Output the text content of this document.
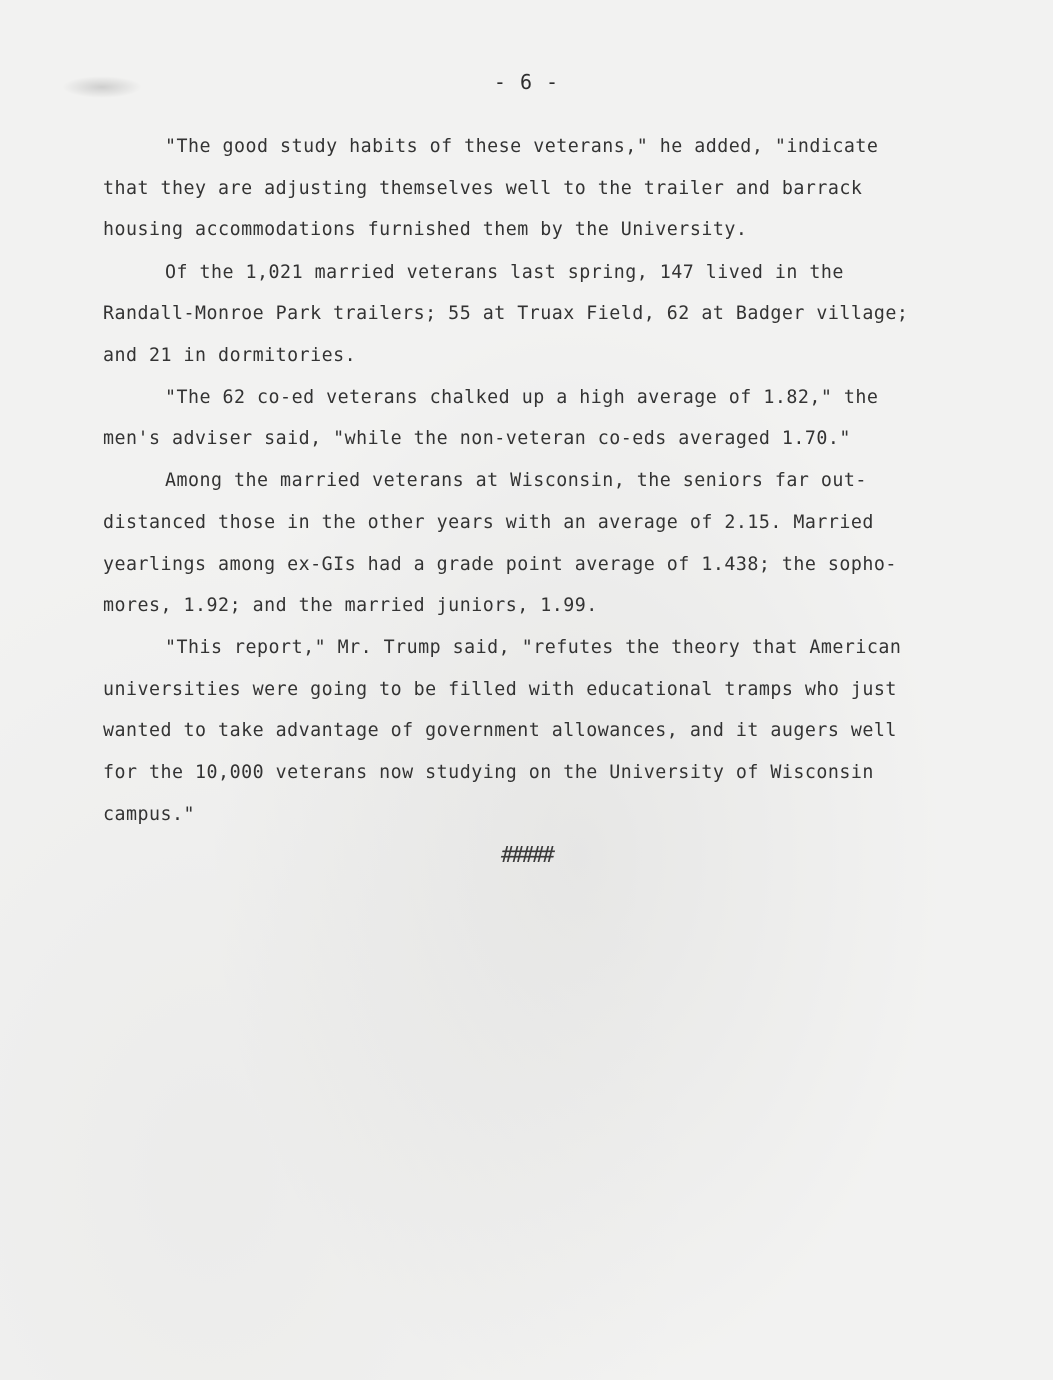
- 6 -
"The good study habits of these veterans," he added, "indicate
that they are adjusting themselves well to the trailer and barrack
housing accommodations furnished them by the University.
Of the 1,021 married veterans last spring, 147 lived in the
Randall-Monroe Park trailers; 55 at Truax Field, 62 at Badger village;
and 21 in dormitories.
"The 62 co-ed veterans chalked up a high average of 1.82," the
men's adviser said, "while the non-veteran co-eds averaged 1.70."
Among the married veterans at Wisconsin, the seniors far out-
distanced those in the other years with an average of 2.15. Married
yearlings among ex-GIs had a grade point average of 1.438; the sopho-
mores, 1.92; and the married juniors, 1.99.
"This report," Mr. Trump said, "refutes the theory that American
universities were going to be filled with educational tramps who just
wanted to take advantage of government allowances, and it augers well
for the 10,000 veterans now studying on the University of Wisconsin
campus."
#####
